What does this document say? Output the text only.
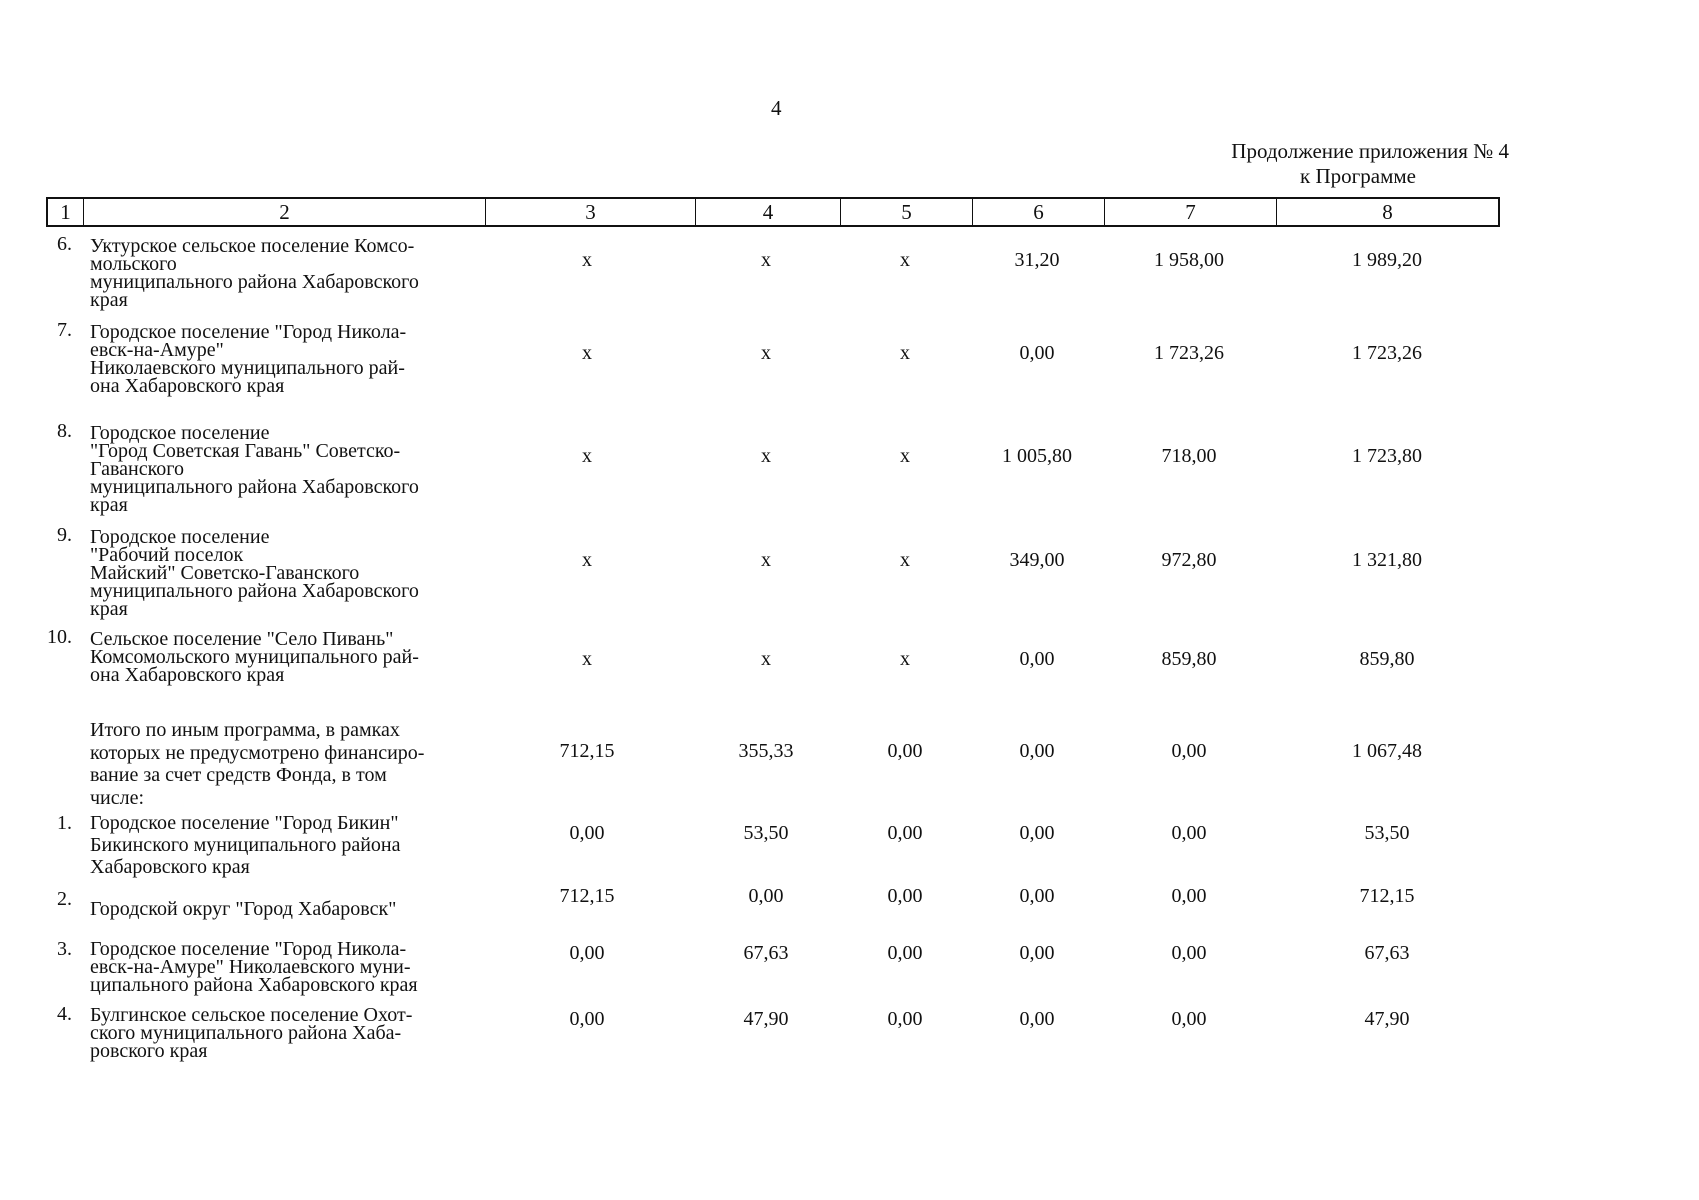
4
Продолжение приложения № 4
к Программе
1	2	3	4	5	6	7	8
6. Уктурское сельское поселение Комсо-
мольского
муниципального района Хабаровского
края
х	х	х	31,20	1 958,00	1 989,20
7. Городское поселение "Город Никола-
евск-на-Амуре"
Николаевского муниципального рай-
она Хабаровского края
х	х	х	0,00	1 723,26	1 723,26
8. Городское поселение
"Город Советская Гавань" Советско-
Гаванского
муниципального района Хабаровского
края
х	х	х	1 005,80	718,00	1 723,80
9. Городское поселение
"Рабочий поселок
Майский" Советско-Гаванского
муниципального района Хабаровского
края
х	х	х	349,00	972,80	1 321,80
10. Сельское поселение "Село Пивань"
Комсомольского муниципального рай-
она Хабаровского края
х	х	х	0,00	859,80	859,80
Итого по иным программа, в рамках
которых не предусмотрено финансиро-
вание за счет средств Фонда, в том
числе:
712,15	355,33	0,00	0,00	0,00	1 067,48
1. Городское поселение "Город Бикин"
Бикинского муниципального района
Хабаровского края
0,00	53,50	0,00	0,00	0,00	53,50
2. Городской округ "Город Хабаровск"
712,15	0,00	0,00	0,00	0,00	712,15
3. Городское поселение "Город Никола-
евск-на-Амуре" Николаевского муни-
ципального района Хабаровского края
0,00	67,63	0,00	0,00	0,00	67,63
4. Булгинское сельское поселение Охот-
ского муниципального района Хаба-
ровского края
0,00	47,90	0,00	0,00	0,00	47,90
